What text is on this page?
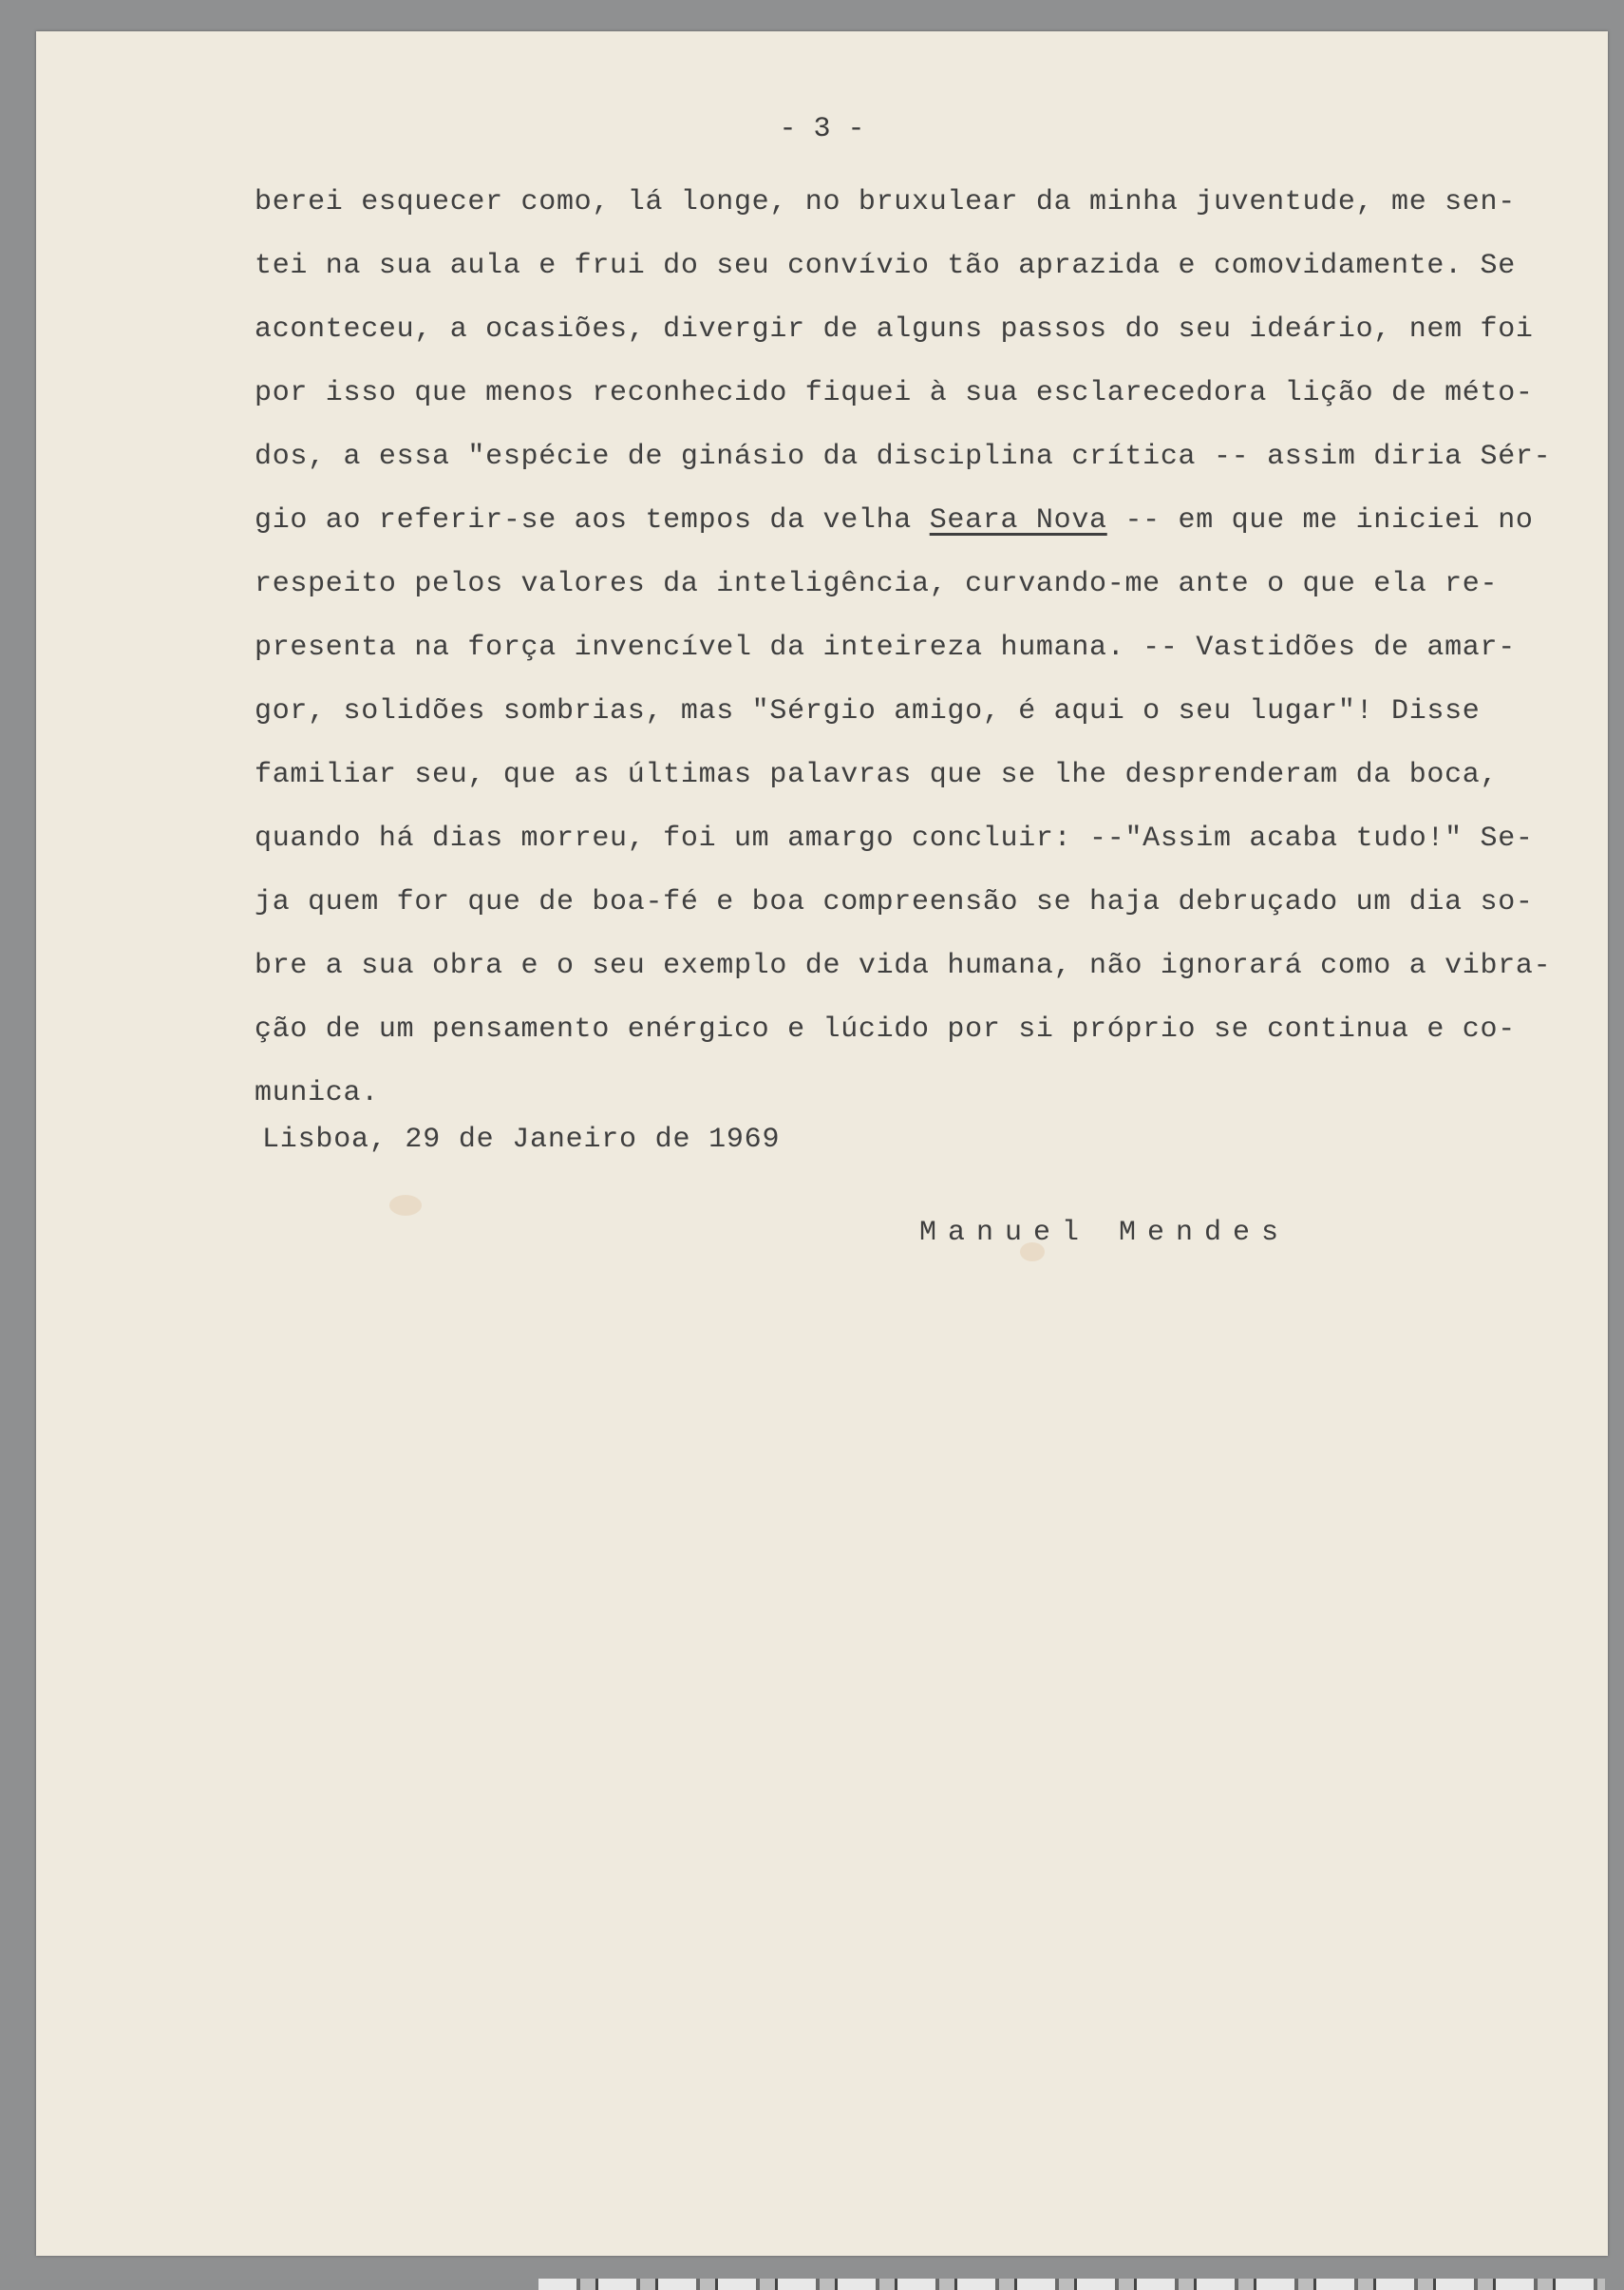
- 3 -
berei esquecer como, lá longe, no bruxulear da minha juventude, me sen-
tei na sua aula e frui do seu convívio tão aprazida e comovidamente. Se
aconteceu, a ocasiões, divergir de alguns passos do seu ideário, nem foi
por isso que menos reconhecido fiquei à sua esclarecedora lição de méto-
dos, a essa "espécie de ginásio da disciplina crítica -- assim diria Sér-
gio ao referir-se aos tempos da velha Seara Nova -- em que me iniciei no
respeito pelos valores da inteligência, curvando-me ante o que ela re-
presenta na força invencível da inteireza humana. -- Vastidões de amar-
gor, solidões sombrias, mas "Sérgio amigo, é aqui o seu lugar"! Disse
familiar seu, que as últimas palavras que se lhe desprenderam da boca,
quando há dias morreu, foi um amargo concluir: --"Assim acaba tudo!" Se-
ja quem for que de boa-fé e boa compreensão se haja debruçado um dia so-
bre a sua obra e o seu exemplo de vida humana, não ignorará como a vibra-
ção de um pensamento enérgico e lúcido por si próprio se continua e co-
munica.
Lisboa, 29 de Janeiro de 1969
Manuel Mendes
